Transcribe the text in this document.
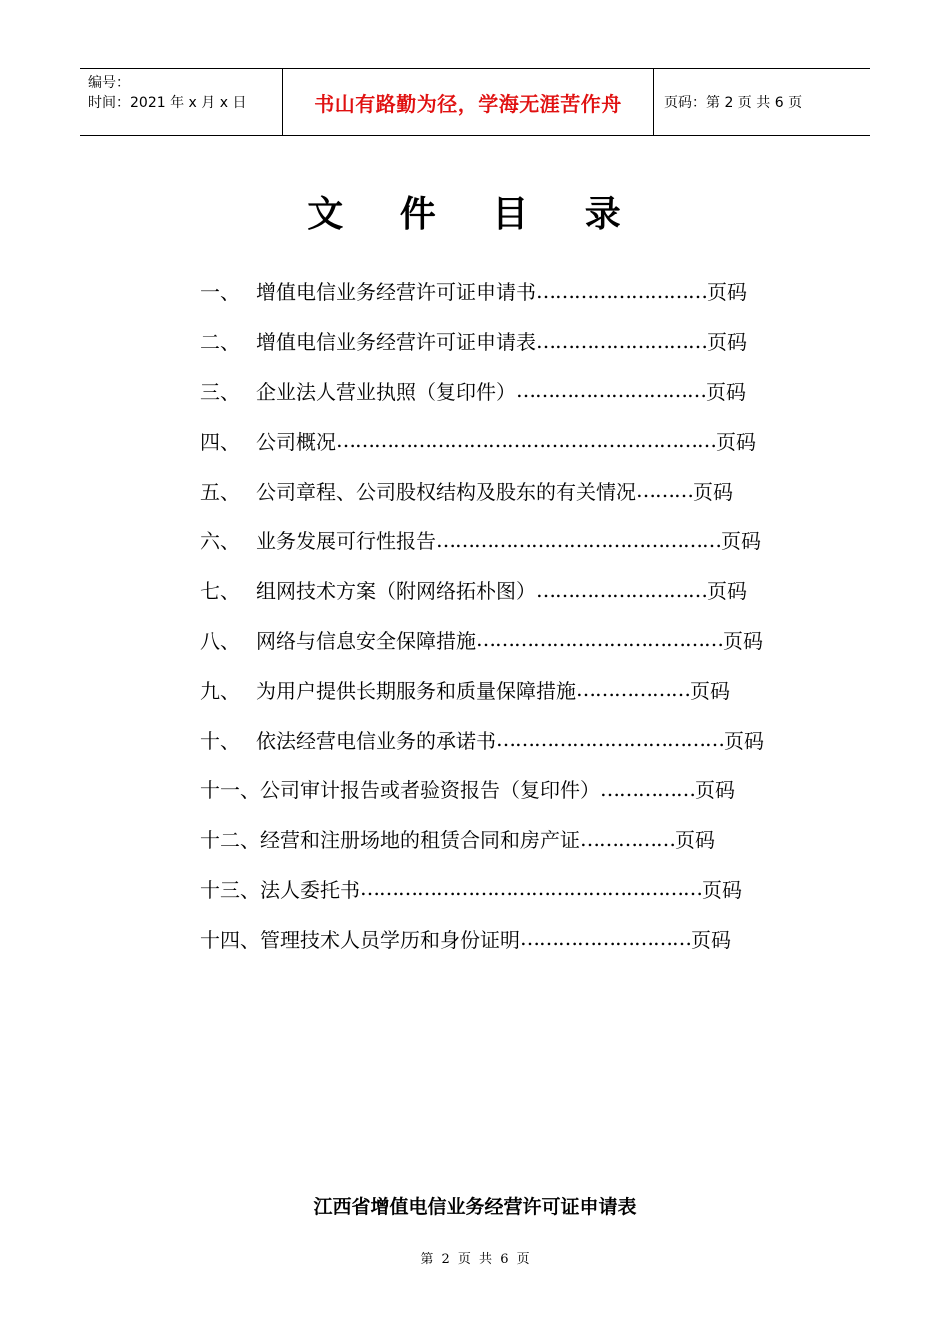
编号：
时间：2021 年 x 月 x 日	书山有路勤为径，学海无涯苦作舟	页码：第 2 页 共 6 页
文 件 目 录
一、 增值电信业务经营许可证申请书 ……………………… 页码
二、 增值电信业务经营许可证申请表 ……………………… 页码
三、 企业法人营业执照（复印件） ………………………… 页码
四、 公司概况 …………………………………………………… 页码
五、 公司章程、公司股权结构及股东的有关情况 ……… 页码
六、 业务发展可行性报告 ……………………………………… 页码
七、 组网技术方案（附网络拓朴图） ……………………… 页码
八、 网络与信息安全保障措施 ………………………………… 页码
九、 为用户提供长期服务和质量保障措施 ……………… 页码
十、 依法经营电信业务的承诺书 ……………………………… 页码
十一、 公司审计报告或者验资报告（复印件） …………… 页码
十二、 经营和注册场地的租赁合同和房产证 …………… 页码
十三、 法人委托书 ……………………………………………… 页码
十四、 管理技术人员学历和身份证明 ……………………… 页码
江西省增值电信业务经营许可证申请表
第 2 页 共 6 页
